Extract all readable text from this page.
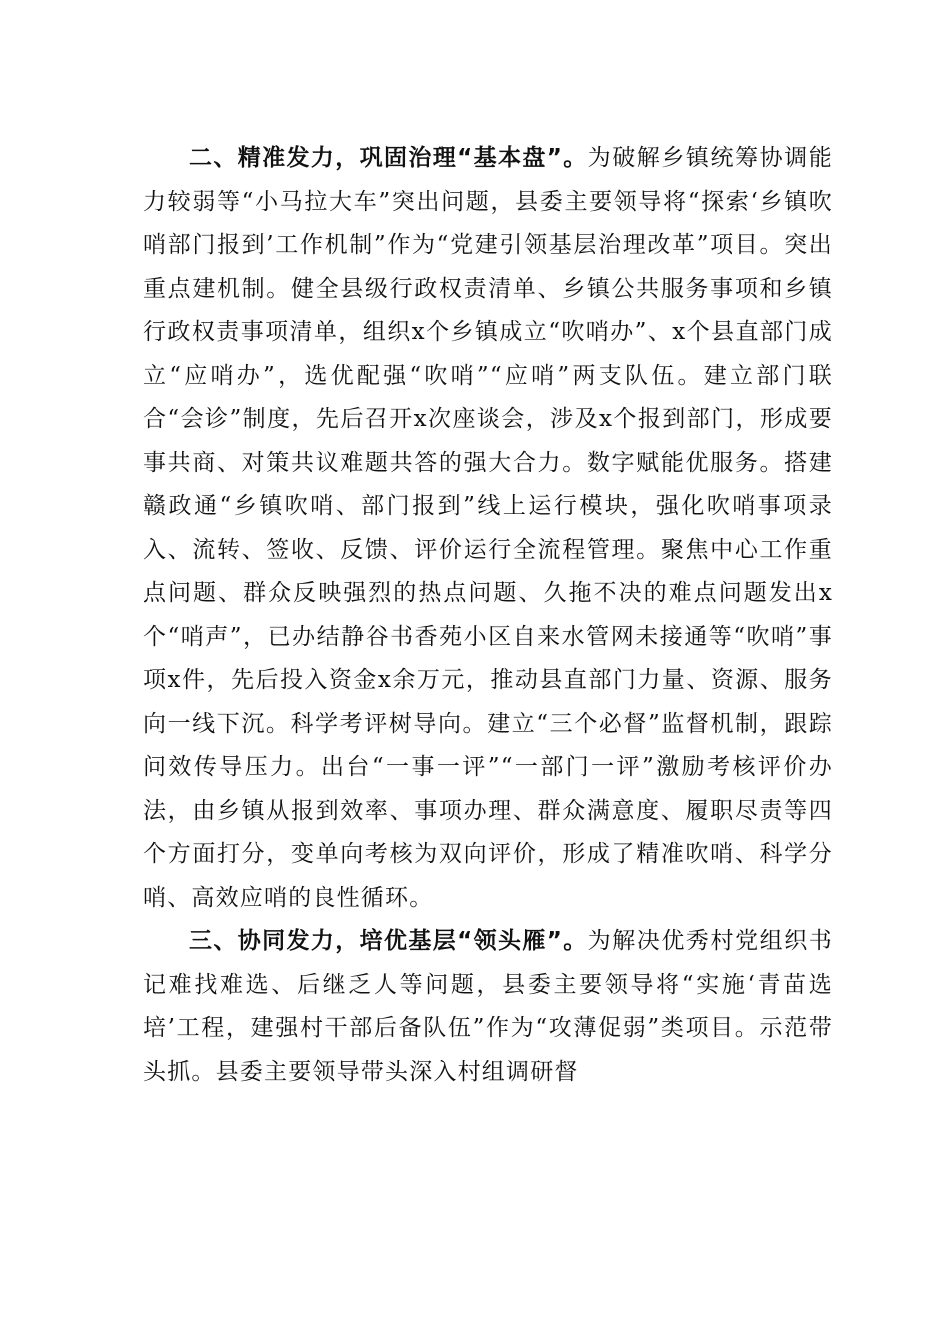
二、精准发力，巩固治理“基本盘”。为破解乡镇统筹协调能力较弱等“小马拉大车”突出问题，县委主要领导将“探索‘乡镇吹哨部门报到’工作机制”作为“党建引领基层治理改革”项目。突出重点建机制。健全县级行政权责清单、乡镇公共服务事项和乡镇行政权责事项清单，组织x个乡镇成立“吹哨办”、x个县直部门成立“应哨办”，选优配强“吹哨”“应哨”两支队伍。建立部门联合“会诊”制度，先后召开x次座谈会，涉及x个报到部门，形成要事共商、对策共议难题共答的强大合力。数字赋能优服务。搭建赣政通“乡镇吹哨、部门报到”线上运行模块，强化吹哨事项录入、流转、签收、反馈、评价运行全流程管理。聚焦中心工作重点问题、群众反映强烈的热点问题、久拖不决的难点问题发出x个“哨声”，已办结静谷书香苑小区自来水管网未接通等“吹哨”事项x件，先后投入资金x余万元，推动县直部门力量、资源、服务向一线下沉。科学考评树导向。建立“三个必督”监督机制，跟踪问效传导压力。出台“一事一评”“一部门一评”激励考核评价办法，由乡镇从报到效率、事项办理、群众满意度、履职尽责等四个方面打分，变单向考核为双向评价，形成了精准吹哨、科学分哨、高效应哨的良性循环。

三、协同发力，培优基层“领头雁”。为解决优秀村党组织书记难找难选、后继乏人等问题，县委主要领导将“实施‘青苗选培’工程，建强村干部后备队伍”作为“攻薄促弱”类项目。示范带头抓。县委主要领导带头深入村组调研督
